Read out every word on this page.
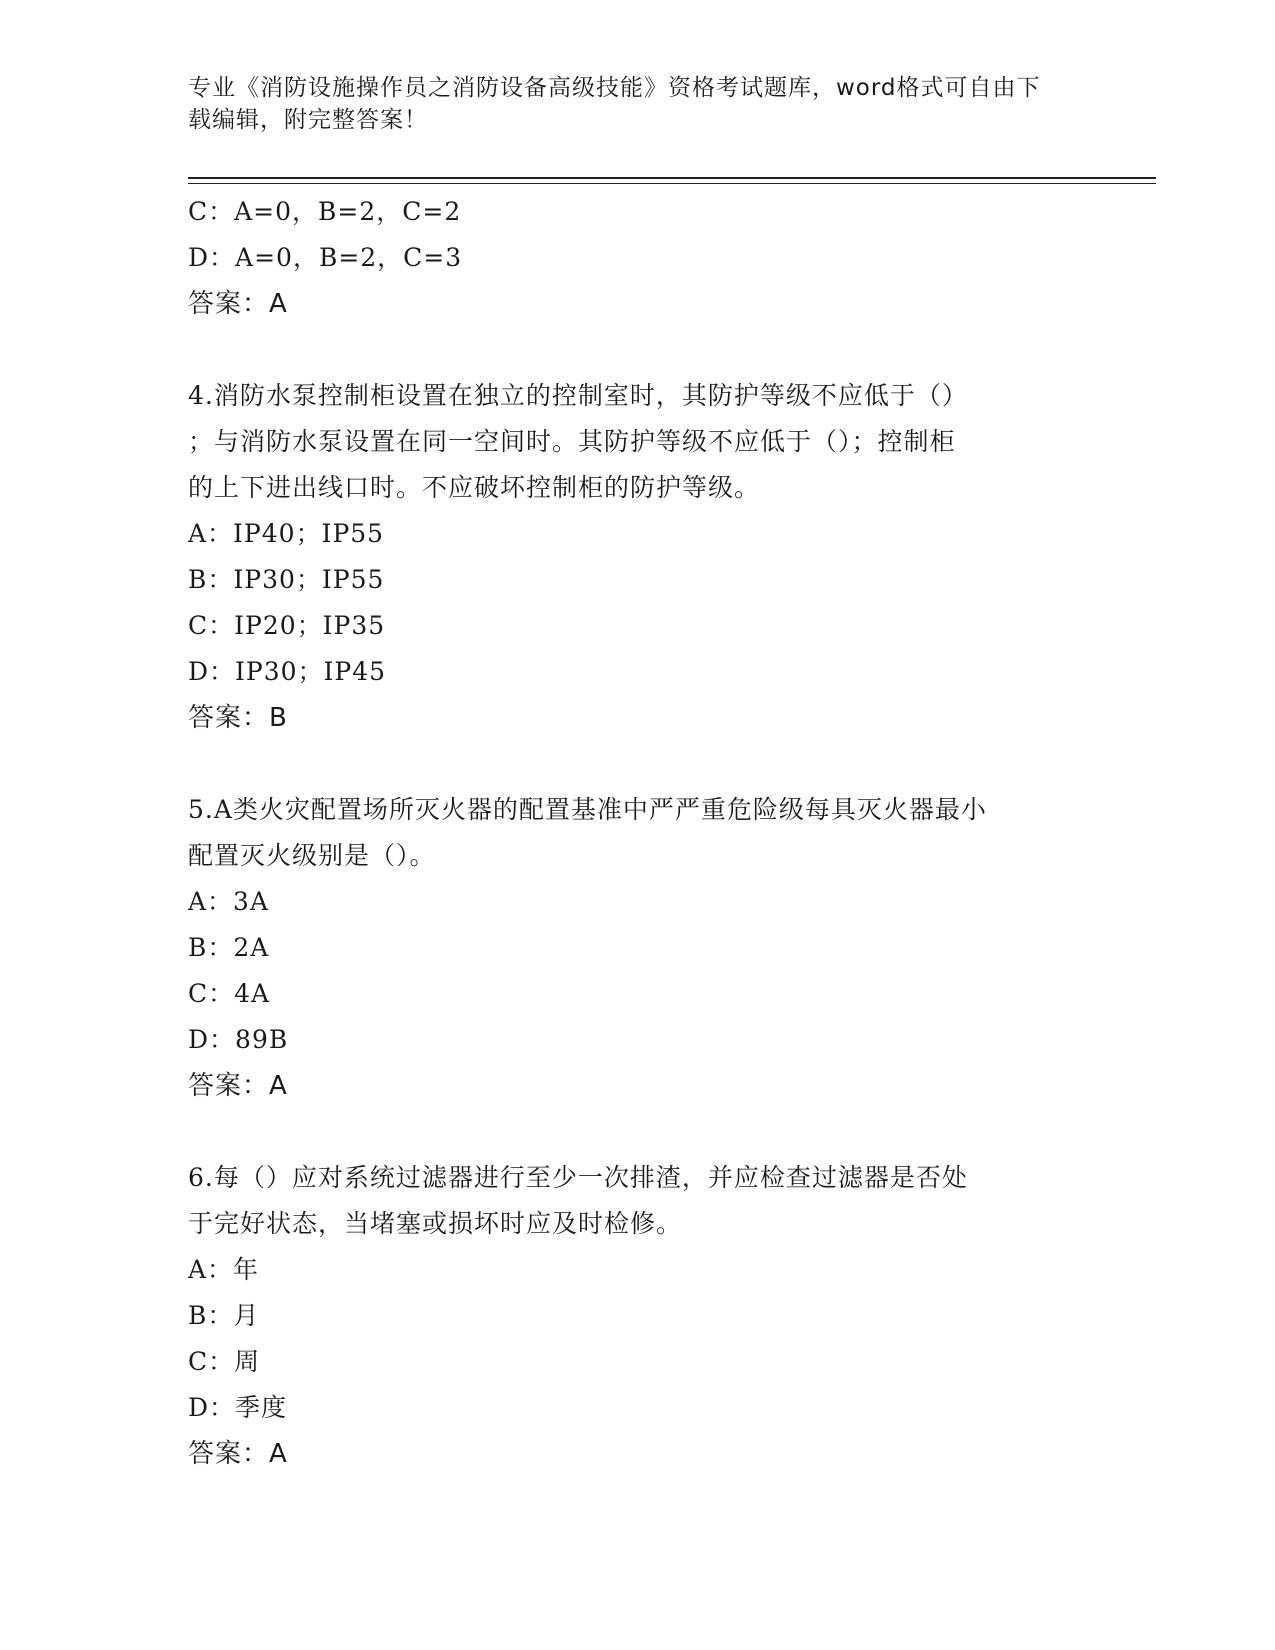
专业《消防设施操作员之消防设备高级技能》资格考试题库，word格式可自由下
载编辑，附完整答案！
C：A=0，B=2，C=2
D：A=0，B=2，C=3
答案：A
4.消防水泵控制柜设置在独立的控制室时，其防护等级不应低于（）
；与消防水泵设置在同一空间时。其防护等级不应低于（）；控制柜
的上下进出线口时。不应破坏控制柜的防护等级。
A：IP40；IP55
B：IP30；IP55
C：IP20；IP35
D：IP30；IP45
答案：B
5.A类火灾配置场所灭火器的配置基准中严严重危险级每具灭火器最小
配置灭火级别是（）。
A：3A
B：2A
C：4A
D：89B
答案：A
6.每（）应对系统过滤器进行至少一次排渣，并应检查过滤器是否处
于完好状态，当堵塞或损坏时应及时检修。
A：年
B：月
C：周
D：季度
答案：A
